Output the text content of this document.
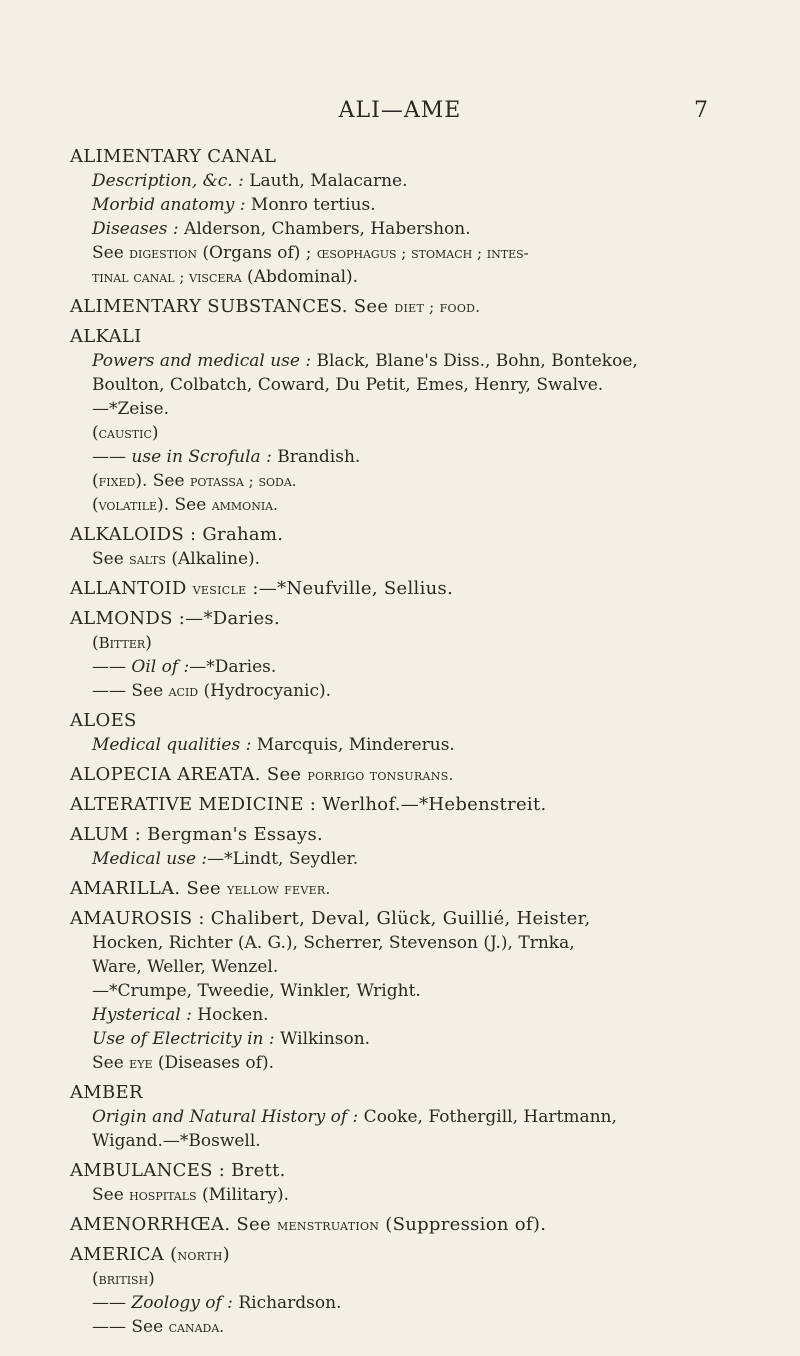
ALI—AME	7
ALIMENTARY CANAL
Description, &c. : Lauth, Malacarne.
Morbid anatomy : Monro tertius.
Diseases : Alderson, Chambers, Habershon.
See digestion (Organs of) ; œsophagus ; stomach ; intes-
tinal canal ; viscera (Abdominal).
ALIMENTARY SUBSTANCES. See diet ; food.
ALKALI
Powers and medical use : Black, Blane's Diss., Bohn, Bontekoe,
Boulton, Colbatch, Coward, Du Petit, Emes, Henry, Swalve.
—*Zeise.
(caustic)
—— use in Scrofula : Brandish.
(fixed). See potassa ; soda.
(volatile). See ammonia.
ALKALOIDS : Graham.
See salts (Alkaline).
ALLANTOID vesicle :—*Neufville, Sellius.
ALMONDS :—*Daries.
(Bitter)
—— Oil of :—*Daries.
—— See acid (Hydrocyanic).
ALOES
Medical qualities : Marcquis, Mindererus.
ALOPECIA AREATA. See porrigo tonsurans.
ALTERATIVE MEDICINE : Werlhof.—*Hebenstreit.
ALUM : Bergman's Essays.
Medical use :—*Lindt, Seydler.
AMARILLA. See yellow fever.
AMAUROSIS : Chalibert, Deval, Glück, Guillié, Heister,
Hocken, Richter (A. G.), Scherrer, Stevenson (J.), Trnka,
Ware, Weller, Wenzel.
—*Crumpe, Tweedie, Winkler, Wright.
Hysterical : Hocken.
Use of Electricity in : Wilkinson.
See eye (Diseases of).
AMBER
Origin and Natural History of : Cooke, Fothergill, Hartmann,
Wigand.—*Boswell.
AMBULANCES : Brett.
See hospitals (Military).
AMENORRHŒA. See menstruation (Suppression of).
AMERICA (north)
(british)
—— Zoology of : Richardson.
—— See canada.
